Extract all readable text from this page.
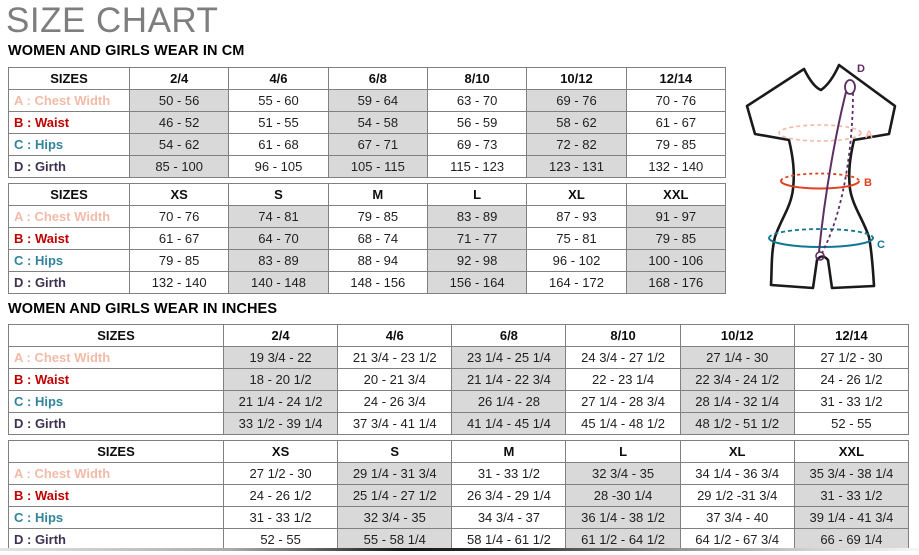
SIZE CHART
WOMEN AND GIRLS WEAR IN CM
SIZES	2/4	4/6	6/8	8/10	10/12	12/14
A : Chest Width	50 - 56	55 - 60	59 - 64	63 - 70	69 - 76	70 - 76
B : Waist	46 - 52	51 - 55	54 - 58	56 - 59	58 - 62	61 - 67
C : Hips	54 - 62	61 - 68	67 - 71	69 - 73	72 - 82	79 - 85
D : Girth	85 - 100	96 - 105	105 - 115	115 - 123	123 - 131	132 - 140
SIZES	XS	S	M	L	XL	XXL
A : Chest Width	70 - 76	74 - 81	79 - 85	83 - 89	87 - 93	91 - 97
B : Waist	61 - 67	64 - 70	68 - 74	71 - 77	75 - 81	79 - 85
C : Hips	79 - 85	83 - 89	88 - 94	92 - 98	96 - 102	100 - 106
D : Girth	132 - 140	140 - 148	148 - 156	156 - 164	164 - 172	168 - 176
WOMEN AND GIRLS WEAR IN INCHES
SIZES	2/4	4/6	6/8	8/10	10/12	12/14
A : Chest Width	19 3/4 - 22	21 3/4 - 23 1/2	23 1/4 - 25 1/4	24 3/4 - 27 1/2	27 1/4 - 30	27 1/2 - 30
B : Waist	18 - 20 1/2	20 - 21 3/4	21 1/4 - 22 3/4	22 - 23 1/4	22 3/4 - 24 1/2	24 - 26 1/2
C : Hips	21 1/4 - 24 1/2	24 - 26 3/4	26 1/4 - 28	27 1/4 - 28 3/4	28 1/4 - 32 1/4	31 - 33 1/2
D : Girth	33 1/2 - 39 1/4	37 3/4 - 41 1/4	41 1/4 - 45 1/4	45 1/4 - 48 1/2	48 1/2 - 51 1/2	52 - 55
SIZES	XS	S	M	L	XL	XXL
A : Chest Width	27 1/2 - 30	29 1/4 - 31 3/4	31 - 33 1/2	32 3/4 - 35	34 1/4 - 36 3/4	35 3/4 - 38 1/4
B : Waist	24 - 26 1/2	25 1/4 - 27 1/2	26 3/4 - 29 1/4	28 -30 1/4	29 1/2 -31 3/4	31 - 33 1/2
C : Hips	31 - 33 1/2	32 3/4 - 35	34 3/4 - 37	36 1/4 - 38 1/2	37 3/4 - 40	39 1/4 - 41 3/4
D : Girth	52 - 55	55 - 58 1/4	58 1/4 - 61 1/2	61 1/2 - 64 1/2	64 1/2 - 67 3/4	66 - 69 1/4
A
B
C
D
